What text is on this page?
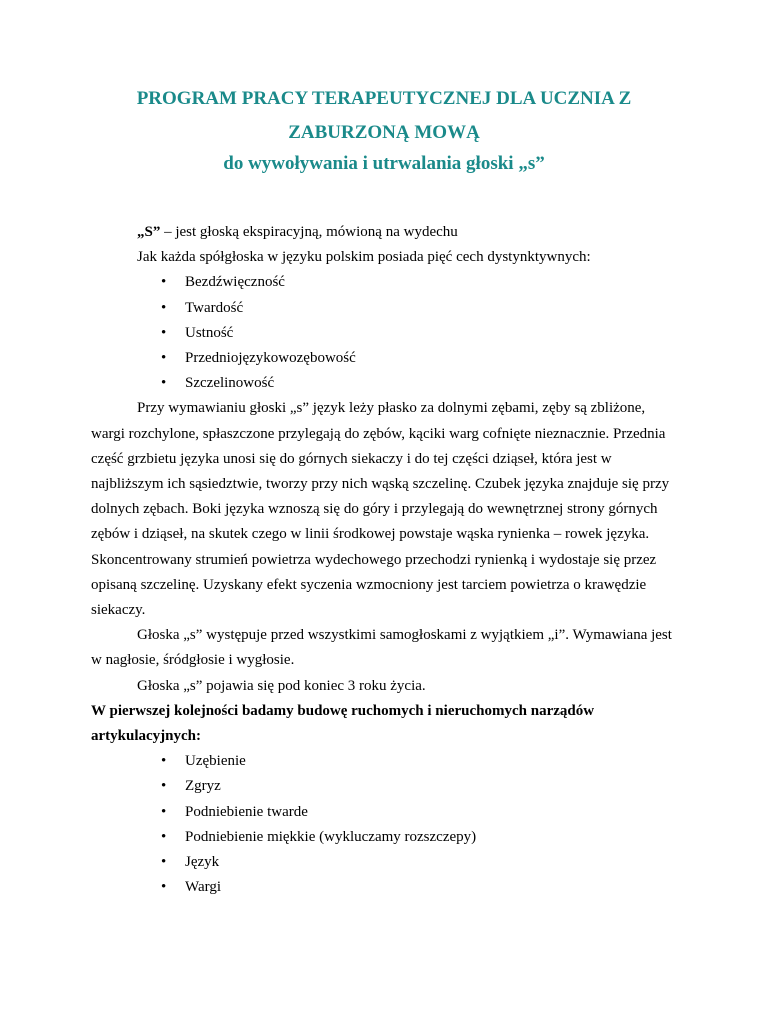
PROGRAM PRACY TERAPEUTYCZNEJ DLA UCZNIA Z
ZABURZONĄ MOWĄ
do wywoływania i utrwalania głoski „s”

„S” – jest głoską ekspiracyjną, mówioną na wydechu

Jak każda spółgłoska w języku polskim posiada pięć cech dystynktywnych:

• Bezdźwięczność
• Twardość
• Ustność
• Przedniojęzykowozębowość
• Szczelinowość

Przy wymawianiu głoski „s” język leży płasko za dolnymi zębami, zęby są zbliżone, wargi rozchylone, spłaszczone przylegają do zębów, kąciki warg cofnięte nieznacznie. Przednia część grzbietu języka unosi się do górnych siekaczy i do tej części dziąseł, która jest w najbliższym ich sąsiedztwie, tworzy przy nich wąską szczelinę. Czubek języka znajduje się przy dolnych zębach. Boki języka wznoszą się do góry i przylegają do wewnętrznej strony górnych zębów i dziąseł, na skutek czego w linii środkowej powstaje wąska rynienka – rowek języka. Skoncentrowany strumień powietrza wydechowego przechodzi rynienką i wydostaje się przez opisaną szczelinę. Uzyskany efekt syczenia wzmocniony jest tarciem powietrza o krawędzie siekaczy.

Głoska „s” występuje przed wszystkimi samogłoskami z wyjątkiem „i”. Wymawiana jest w nagłosie, śródgłosie i wygłosie.

Głoska „s” pojawia się pod koniec 3 roku życia.

W pierwszej kolejności badamy budowę ruchomych i nieruchomych narządów artykulacyjnych:

• Uzębienie
• Zgryz
• Podniebienie twarde
• Podniebienie miękkie (wykluczamy rozszczepy)
• Język
• Wargi
